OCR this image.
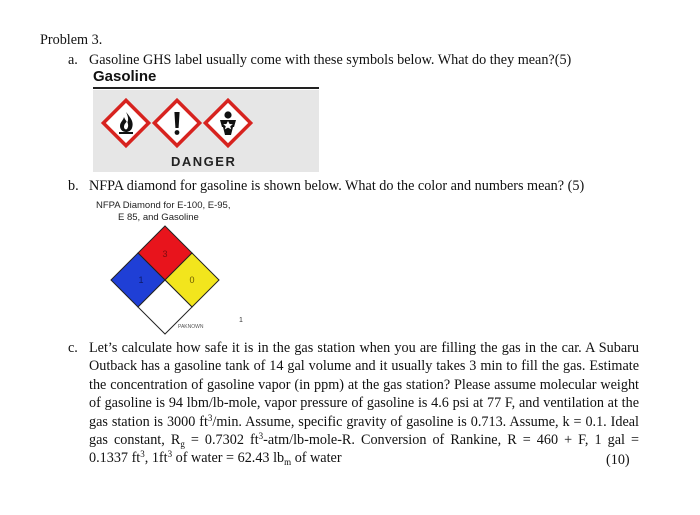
Problem 3.
a. Gasoline GHS label usually come with these symbols below. What do they mean?(5)
Gasoline
DANGER
b. NFPA diamond for gasoline is shown below. What do the color and numbers mean? (5)
NFPA Diamond for E-100, E-95,
E 85, and Gasoline
3
1	0
PAKNOWN
1
c. Let’s calculate how safe it is in the gas station when you are filling the gas in the car. A Subaru Outback has a gasoline tank of 14 gal volume and it usually takes 3 min to fill the gas. Estimate the concentration of gasoline vapor (in ppm) at the gas station? Please assume molecular weight of gasoline is 94 lbm/lb-mole, vapor pressure of gasoline is 4.6 psi at 77 F, and ventilation at the gas station is 3000 $ft^3/\min$. Assume, specific gravity of gasoline is 0.713. Assume, k = 0.1. Ideal gas constant, $R_g = 0.7302$ $ft^3-atm/lb-mole-R$. Conversion of Rankine, R = 460 + F, 1 gal = 0.1337 $ft^3$, $1ft^3$ of water = 62.43 $lb_m$ of water	(10)
